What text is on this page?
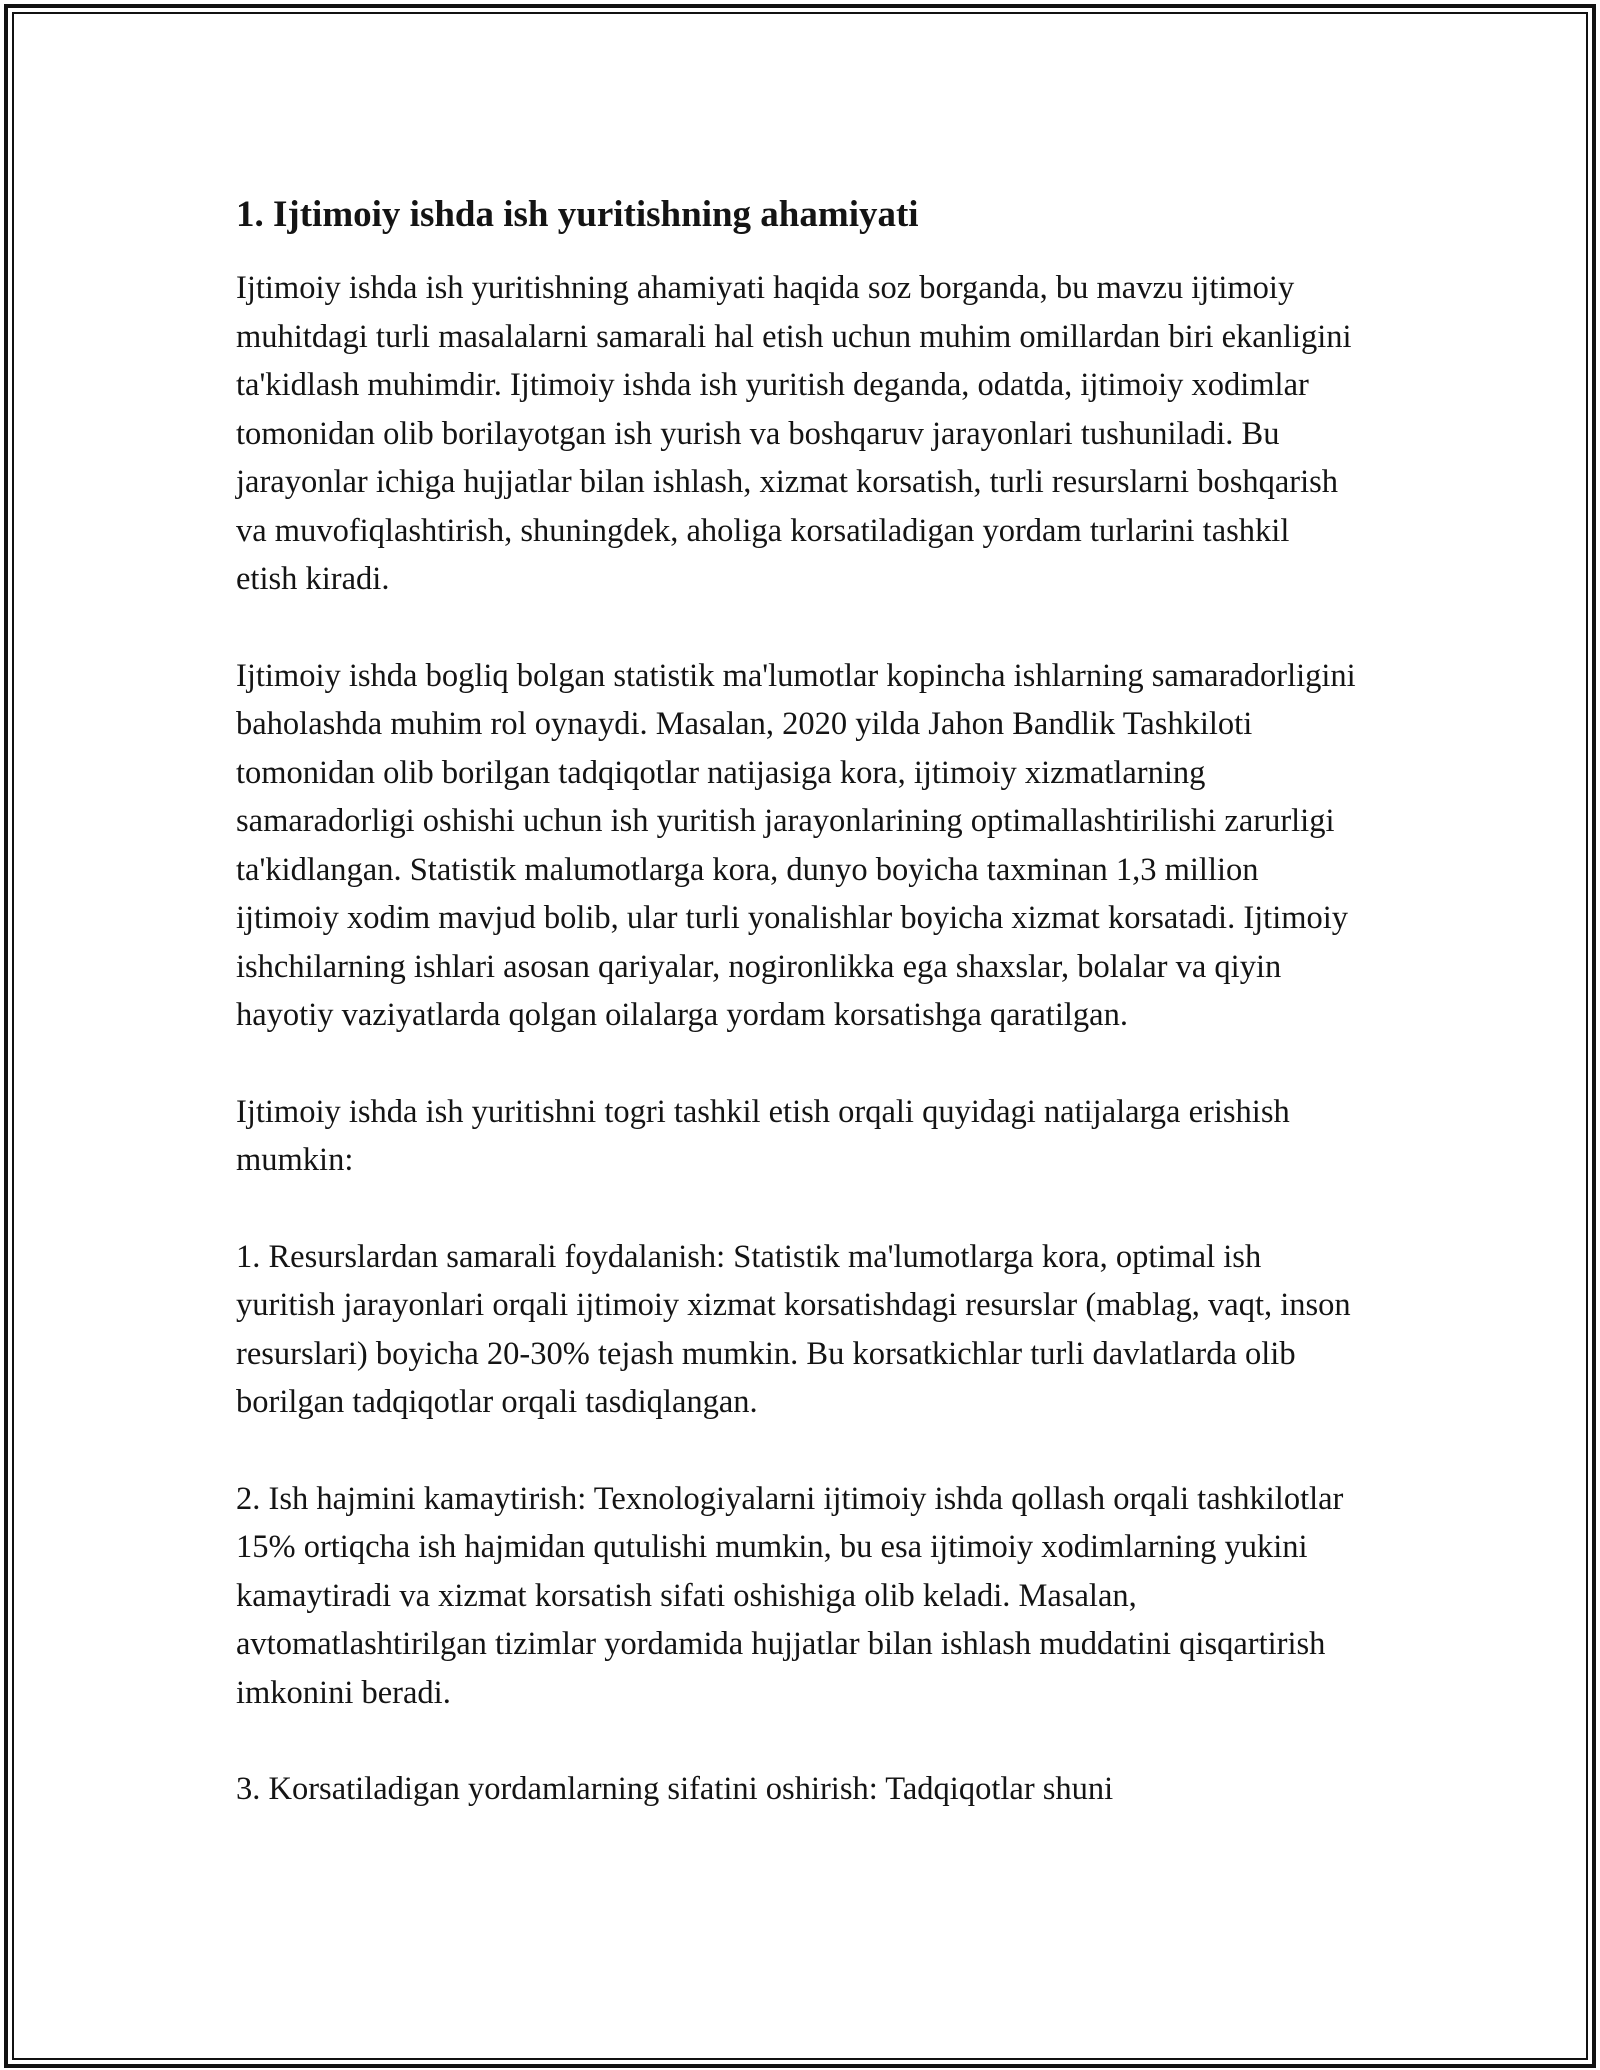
1. Ijtimoiy ishda ish yuritishning ahamiyati

Ijtimoiy ishda ish yuritishning ahamiyati haqida soz borganda, bu mavzu ijtimoiy muhitdagi turli masalalarni samarali hal etish uchun muhim omillardan biri ekanligini ta'kidlash muhimdir. Ijtimoiy ishda ish yuritish deganda, odatda, ijtimoiy xodimlar tomonidan olib borilayotgan ish yurish va boshqaruv jarayonlari tushuniladi. Bu jarayonlar ichiga hujjatlar bilan ishlash, xizmat korsatish, turli resurslarni boshqarish va muvofiqlashtirish, shuningdek, aholiga korsatiladigan yordam turlarini tashkil etish kiradi.

Ijtimoiy ishda bogliq bolgan statistik ma'lumotlar kopincha ishlarning samaradorligini baholashda muhim rol oynaydi. Masalan, 2020 yilda Jahon Bandlik Tashkiloti tomonidan olib borilgan tadqiqotlar natijasiga kora, ijtimoiy xizmatlarning samaradorligi oshishi uchun ish yuritish jarayonlarining optimallashtirilishi zarurligi ta'kidlangan. Statistik malumotlarga kora, dunyo boyicha taxminan 1,3 million ijtimoiy xodim mavjud bolib, ular turli yonalishlar boyicha xizmat korsatadi. Ijtimoiy ishchilarning ishlari asosan qariyalar, nogironlikka ega shaxslar, bolalar va qiyin hayotiy vaziyatlarda qolgan oilalarga yordam korsatishga qaratilgan.

Ijtimoiy ishda ish yuritishni togri tashkil etish orqali quyidagi natijalarga erishish mumkin:

1. Resurslardan samarali foydalanish: Statistik ma'lumotlarga kora, optimal ish yuritish jarayonlari orqali ijtimoiy xizmat korsatishdagi resurslar (mablag, vaqt, inson resurslari) boyicha 20-30% tejash mumkin. Bu korsatkichlar turli davlatlarda olib borilgan tadqiqotlar orqali tasdiqlangan.

2. Ish hajmini kamaytirish: Texnologiyalarni ijtimoiy ishda qollash orqali tashkilotlar 15% ortiqcha ish hajmidan qutulishi mumkin, bu esa ijtimoiy xodimlarning yukini kamaytiradi va xizmat korsatish sifati oshishiga olib keladi. Masalan, avtomatlashtirilgan tizimlar yordamida hujjatlar bilan ishlash muddatini qisqartirish imkonini beradi.

3. Korsatiladigan yordamlarning sifatini oshirish: Tadqiqotlar shuni
